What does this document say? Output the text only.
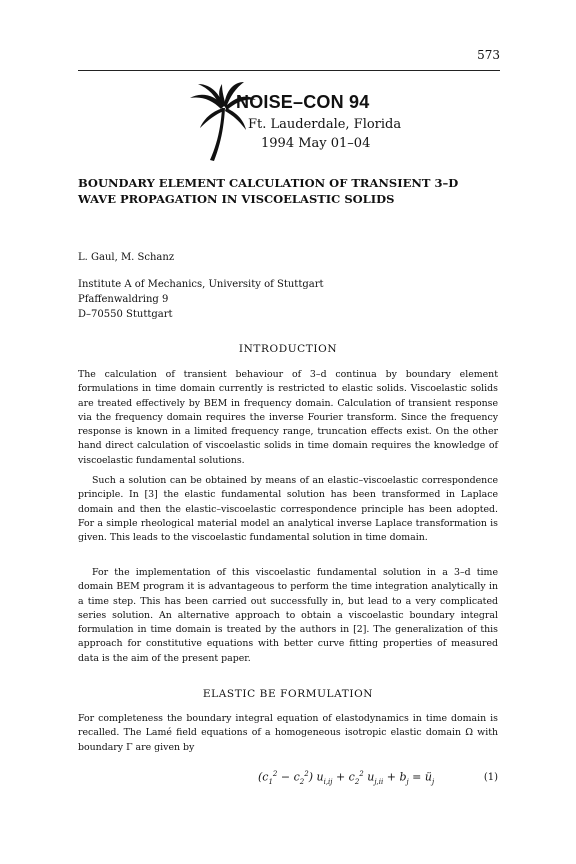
573
NOISE–CON 94
Ft. Lauderdale, Florida
1994 May 01–04
BOUNDARY ELEMENT CALCULATION OF TRANSIENT 3–D
WAVE PROPAGATION IN VISCOELASTIC SOLIDS
L. Gaul, M. Schanz
Institute A of Mechanics, University of Stuttgart
Pfaffenwaldring 9
D–70550 Stuttgart
INTRODUCTION

The calculation of transient behaviour of 3–d continua by boundary element formulations in time domain currently is restricted to elastic solids. Viscoelastic solids are treated effectively by BEM in frequency domain. Calculation of transient response via the frequency domain requires the inverse Fourier transform. Since the frequency response is known in a limited frequency range, truncation effects exist. On the other hand direct calculation of viscoelastic solids in time domain requires the knowledge of viscoelastic fundamental solutions.

Such a solution can be obtained by means of an elastic–viscoelastic correspondence principle. In [3] the elastic fundamental solution has been transformed in Laplace domain and then the elastic–viscoelastic correspondence principle has been adopted. For a simple rheological material model an analytical inverse Laplace transformation is given. This leads to the viscoelastic fundamental solution in time domain.

For the implementation of this viscoelastic fundamental solution in a 3–d time domain BEM program it is advantageous to perform the time integration analytically in a time step. This has been carried out successfully in, but lead to a very complicated series solution. An alternative approach to obtain a viscoelastic boundary integral formulation in time domain is treated by the authors in [2]. The generalization of this approach for constitutive equations with better curve fitting properties of measured data is the aim of the present paper.

ELASTIC BE FORMULATION

For completeness the boundary integral equation of elastodynamics in time domain is recalled. The Lamé field equations of a homogeneous isotropic elastic domain Ω with boundary Γ are given by

$(c_1^2 - c_2^2) u_{i,ij} + c_2^2$ $u_{j,ii} + b_j$ = $ü_j$	(1)
